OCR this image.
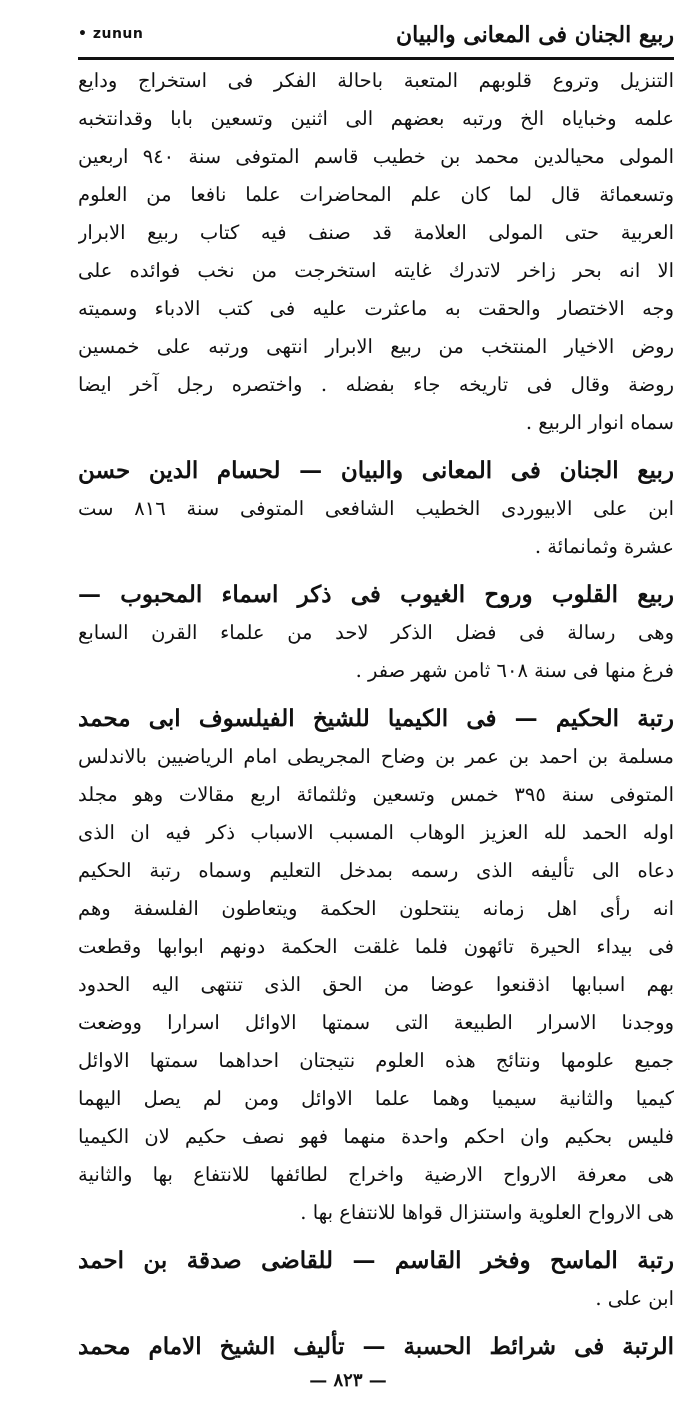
• zunun	ربيع الجنان فى المعانى والبيان
التنزيل وتروع قلوبهم المتعبة باحالة الفكر فى استخراج ودايع
علمه وخباياه الخ ورتبه بعضهم الى اثنين وتسعين بابا وقدانتخبه
المولى محيالدين محمد بن خطيب قاسم المتوفى سنة ٩٤٠ اربعين
وتسعمائة قال لما كان علم المحاضرات علما نافعا من العلوم
العربية حتى المولى العلامة قد صنف فيه كتاب ربيع الابرار
الا انه بحر زاخر لاتدرك غايته استخرجت من نخب فوائده على
وجه الاختصار والحقت به ماعثرت عليه فى كتب الادباء وسميته
روض الاخيار المنتخب من ربيع الابرار انتهى ورتبه على خمسين
روضة وقال فى تاريخه جاء بفضله . واختصره رجل آخر ايضا
سماه انوار الربيع .
ربيع الجنان فى المعانى والبيان — لحسام الدين حسن
ابن على الابيوردى الخطيب الشافعى المتوفى سنة ٨١٦ ست
عشرة وثمانمائة .
ربيع القلوب وروح الغيوب فى ذكر اسماء المحبوب —
وهى رسالة فى فضل الذكر لاحد من علماء القرن السابع
فرغ منها فى سنة ٦٠٨ ثامن شهر صفر .
رتبة الحكيم — فى الكيميا للشيخ الفيلسوف ابى محمد
مسلمة بن احمد بن عمر بن وضاح المجريطى امام الرياضيين بالاندلس
المتوفى سنة ٣٩٥ خمس وتسعين وثلثمائة اربع مقالات وهو مجلد
اوله الحمد لله العزيز الوهاب المسبب الاسباب ذكر فيه ان الذى
دعاه الى تأليفه الذى رسمه بمدخل التعليم وسماه رتبة الحكيم
انه رأى اهل زمانه ينتحلون الحكمة ويتعاطون الفلسفة وهم
فى بيداء الحيرة تائهون فلما غلقت الحكمة دونهم ابوابها وقطعت
بهم اسبابها اذقنعوا عوضا من الحق الذى تنتهى اليه الحدود
ووجدنا الاسرار الطبيعة التى سمتها الاوائل اسرارا ووضعت
جميع علومها ونتائج هذه العلوم نتيجتان احداهما سمتها الاوائل
كيميا والثانية سيميا وهما علما الاوائل ومن لم يصل اليهما
فليس بحكيم وان احكم واحدة منهما فهو نصف حكيم لان الكيميا
هى معرفة الارواح الارضية واخراج لطائفها للانتفاع بها والثانية
هى الارواح العلوية واستنزال قواها للانتفاع بها .
رتبة الماسح وفخر القاسم — للقاضى صدقة بن احمد
ابن على .
الرتبة فى شرائط الحسبة — تأليف الشيخ الامام محمد
— ٨٢٣ —
